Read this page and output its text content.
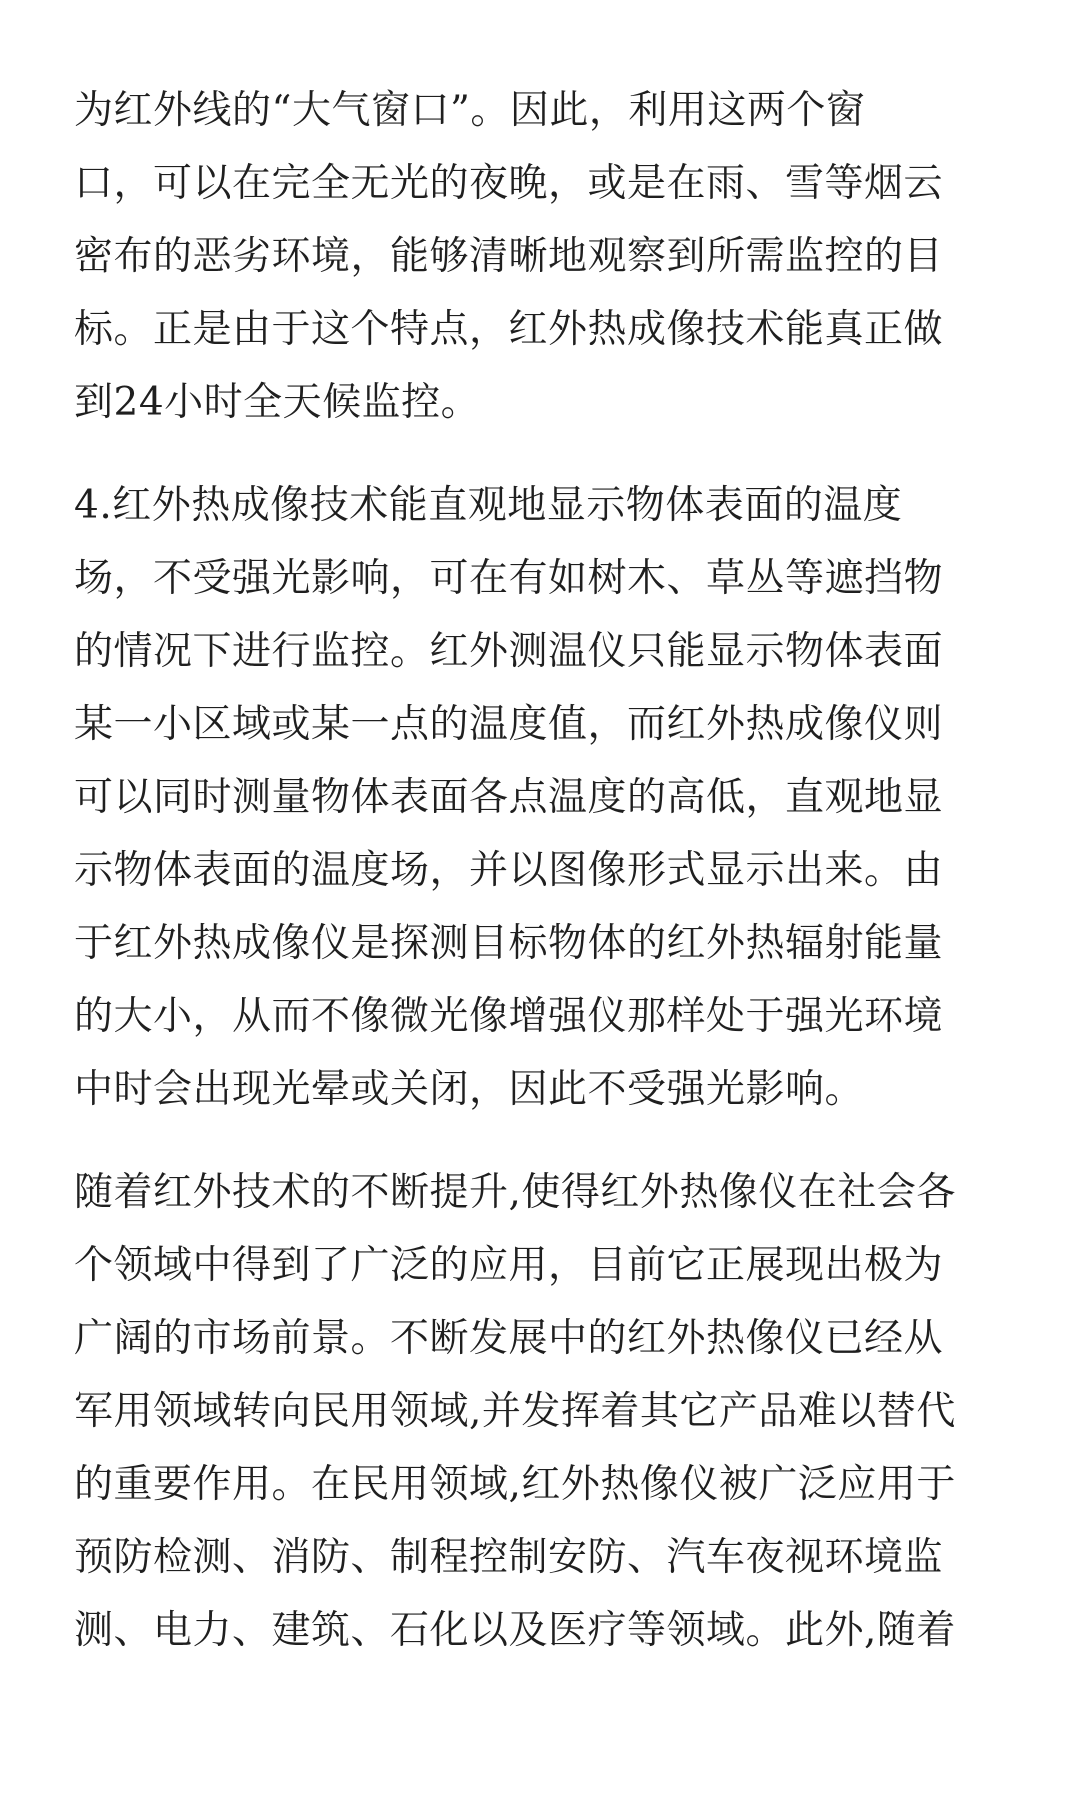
为红外线的“大气窗口”。因此，利用这两个窗
口，可以在完全无光的夜晚，或是在雨、雪等烟云
密布的恶劣环境，能够清晰地观察到所需监控的目
标。正是由于这个特点，红外热成像技术能真正做
到24小时全天候监控。
4.红外热成像技术能直观地显示物体表面的温度
场，不受强光影响，可在有如树木、草丛等遮挡物
的情况下进行监控。红外测温仪只能显示物体表面
某一小区域或某一点的温度值，而红外热成像仪则
可以同时测量物体表面各点温度的高低，直观地显
示物体表面的温度场，并以图像形式显示出来。由
于红外热成像仪是探测目标物体的红外热辐射能量
的大小，从而不像微光像增强仪那样处于强光环境
中时会出现光晕或关闭，因此不受强光影响。
随着红外技术的不断提升,使得红外热像仪在社会各
个领域中得到了广泛的应用，目前它正展现出极为
广阔的市场前景。不断发展中的红外热像仪已经从
军用领域转向民用领域,并发挥着其它产品难以替代
的重要作用。在民用领域,红外热像仪被广泛应用于
预防检测、消防、制程控制安防、汽车夜视环境监
测、电力、建筑、石化以及医疗等领域。此外,随着
